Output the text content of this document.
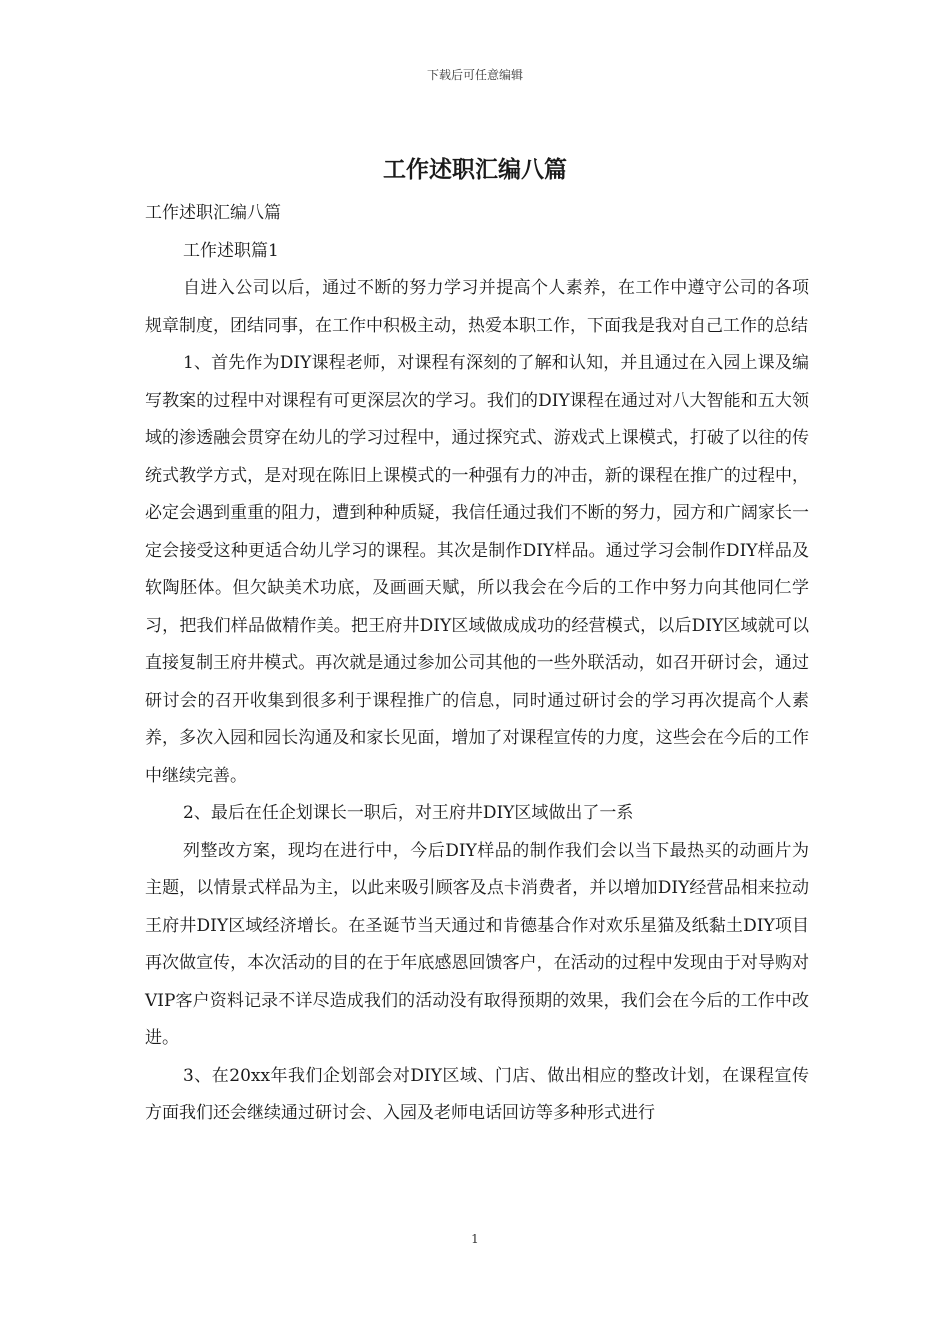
下载后可任意编辑
工作述职汇编八篇

工作述职汇编八篇

工作述职篇1

自进入公司以后，通过不断的努力学习并提高个人素养，在工作中遵守公司的各项规章制度，团结同事，在工作中积极主动，热爱本职工作，下面我是我对自己工作的总结

1、首先作为DIY课程老师，对课程有深刻的了解和认知，并且通过在入园上课及编写教案的过程中对课程有可更深层次的学习。我们的DIY课程在通过对八大智能和五大领域的渗透融会贯穿在幼儿的学习过程中，通过探究式、游戏式上课模式，打破了以往的传统式教学方式，是对现在陈旧上课模式的一种强有力的冲击，新的课程在推广的过程中，必定会遇到重重的阻力，遭到种种质疑，我信任通过我们不断的努力，园方和广阔家长一定会接受这种更适合幼儿学习的课程。其次是制作DIY样品。通过学习会制作DIY样品及软陶胚体。但欠缺美术功底，及画画天赋，所以我会在今后的工作中努力向其他同仁学习，把我们样品做精作美。把王府井DIY区域做成成功的经营模式，以后DIY区域就可以直接复制王府井模式。再次就是通过参加公司其他的一些外联活动，如召开研讨会，通过研讨会的召开收集到很多利于课程推广的信息，同时通过研讨会的学习再次提高个人素养，多次入园和园长沟通及和家长见面，增加了对课程宣传的力度，这些会在今后的工作中继续完善。

2、最后在任企划课长一职后，对王府井DIY区域做出了一系

列整改方案，现均在进行中，今后DIY样品的制作我们会以当下最热买的动画片为主题，以情景式样品为主，以此来吸引顾客及点卡消费者，并以增加DIY经营品相来拉动王府井DIY区域经济增长。在圣诞节当天通过和肯德基合作对欢乐星猫及纸黏土DIY项目再次做宣传，本次活动的目的在于年底感恩回馈客户，在活动的过程中发现由于对导购对VIP客户资料记录不详尽造成我们的活动没有取得预期的效果，我们会在今后的工作中改进。

3、在20xx年我们企划部会对DIY区域、门店、做出相应的整改计划，在课程宣传方面我们还会继续通过研讨会、入园及老师电话回访等多种形式进行

1
